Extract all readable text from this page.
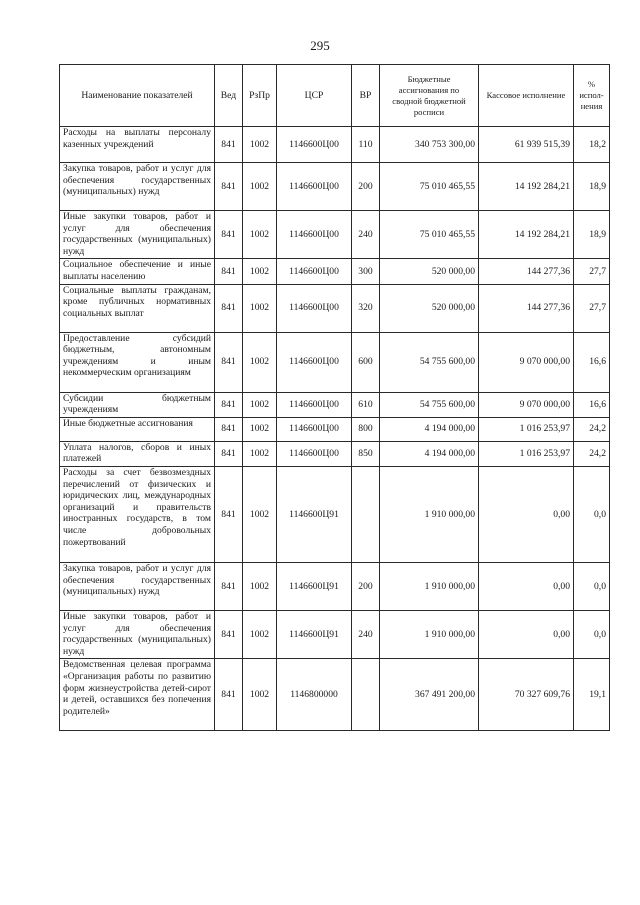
295
Наименование показателей	Вед	РзПр	ЦСР	ВР	Бюджетные ассигнования по сводной бюджетной росписи	Кассовое исполнение	% испол-нения
Расходы на выплаты персоналу казенных учреждений	841	1002	1146600Ц00	110	340 753 300,00	61 939 515,39	18,2
Закупка товаров, работ и услуг для обеспечения государственных (муниципальных) нужд	841	1002	1146600Ц00	200	75 010 465,55	14 192 284,21	18,9
Иные закупки товаров, работ и услуг для обеспечения государственных (муниципальных) нужд	841	1002	1146600Ц00	240	75 010 465,55	14 192 284,21	18,9
Социальное обеспечение и иные выплаты населению	841	1002	1146600Ц00	300	520 000,00	144 277,36	27,7
Социальные выплаты гражданам, кроме публичных нормативных социальных выплат	841	1002	1146600Ц00	320	520 000,00	144 277,36	27,7
Предоставление субсидий бюджетным, автономным учреждениям и иным некоммерческим организациям	841	1002	1146600Ц00	600	54 755 600,00	9 070 000,00	16,6
Субсидии бюджетным учреждениям	841	1002	1146600Ц00	610	54 755 600,00	9 070 000,00	16,6
Иные бюджетные ассигнования	841	1002	1146600Ц00	800	4 194 000,00	1 016 253,97	24,2
Уплата налогов, сборов и иных платежей	841	1002	1146600Ц00	850	4 194 000,00	1 016 253,97	24,2
Расходы за счет безвозмездных перечислений от физических и юридических лиц, международных организаций и правительств иностранных государств, в том числе добровольных пожертвований	841	1002	1146600Ц91		1 910 000,00	0,00	0,0
Закупка товаров, работ и услуг для обеспечения государственных (муниципальных) нужд	841	1002	1146600Ц91	200	1 910 000,00	0,00	0,0
Иные закупки товаров, работ и услуг для обеспечения государственных (муниципальных) нужд	841	1002	1146600Ц91	240	1 910 000,00	0,00	0,0
Ведомственная целевая программа «Организация работы по развитию форм жизнеустройства детей-сирот и детей, оставшихся без попечения родителей»	841	1002	1146800000		367 491 200,00	70 327 609,76	19,1
